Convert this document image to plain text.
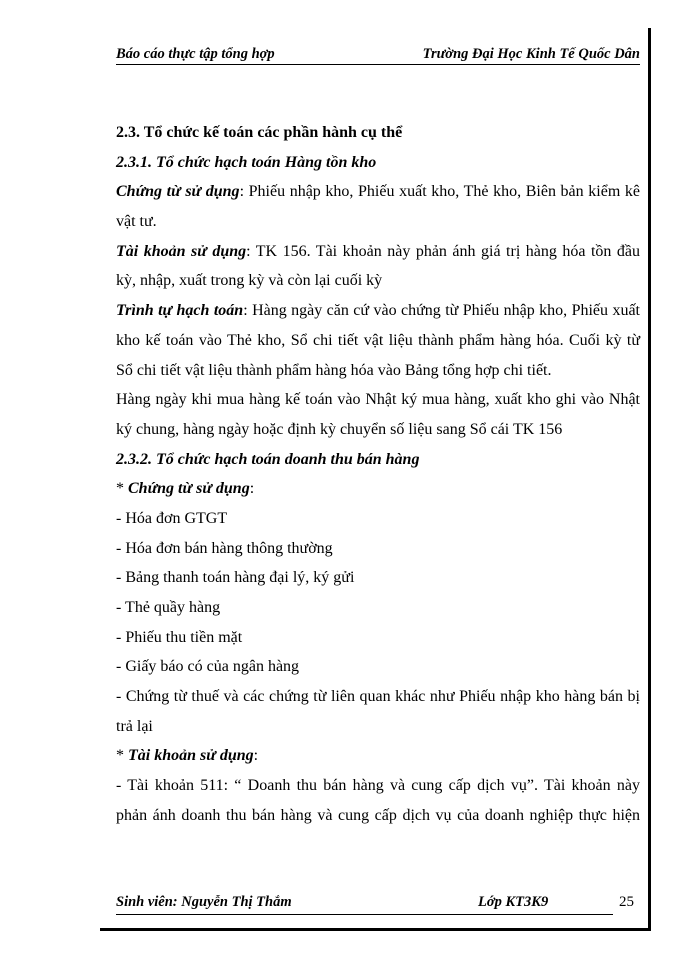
Báo cáo thực tập tổng hợp	Trường Đại Học Kinh Tế Quốc Dân
2.3. Tổ chức kế toán các phần hành cụ thể
2.3.1. Tổ chức hạch toán Hàng tồn kho
Chứng từ sử dụng: Phiếu nhập kho, Phiếu xuất kho, Thẻ kho, Biên bản kiểm kê
vật tư.
Tài khoản sử dụng: TK 156. Tài khoản này phản ánh giá trị hàng hóa tồn đầu
kỳ, nhập, xuất trong kỳ và còn lại cuối kỳ
Trình tự hạch toán: Hàng ngày căn cứ vào chứng từ Phiếu nhập kho, Phiếu xuất
kho kế toán vào Thẻ kho, Sổ chi tiết vật liệu thành phẩm hàng hóa. Cuối kỳ từ
Sổ chi tiết vật liệu thành phẩm hàng hóa vào Bảng tổng hợp chi tiết.
Hàng ngày khi mua hàng kế toán vào Nhật ký mua hàng, xuất kho ghi vào Nhật
ký chung, hàng ngày hoặc định kỳ chuyển số liệu sang Sổ cái TK 156
2.3.2. Tổ chức hạch toán doanh thu bán hàng
* Chứng từ sử dụng:
- Hóa đơn GTGT
- Hóa đơn bán hàng thông thường
- Bảng thanh toán hàng đại lý, ký gửi
- Thẻ quầy hàng
- Phiếu thu tiền mặt
- Giấy báo có của ngân hàng
- Chứng từ thuế và các chứng từ liên quan khác như Phiếu nhập kho hàng bán bị
trả lại
* Tài khoản sử dụng:
- Tài khoản 511: “ Doanh thu bán hàng và cung cấp dịch vụ”. Tài khoản này
phản ánh doanh thu bán hàng và cung cấp dịch vụ của doanh nghiệp thực hiện
Sinh viên: Nguyễn Thị Thắm	Lớp KT3K9	25
